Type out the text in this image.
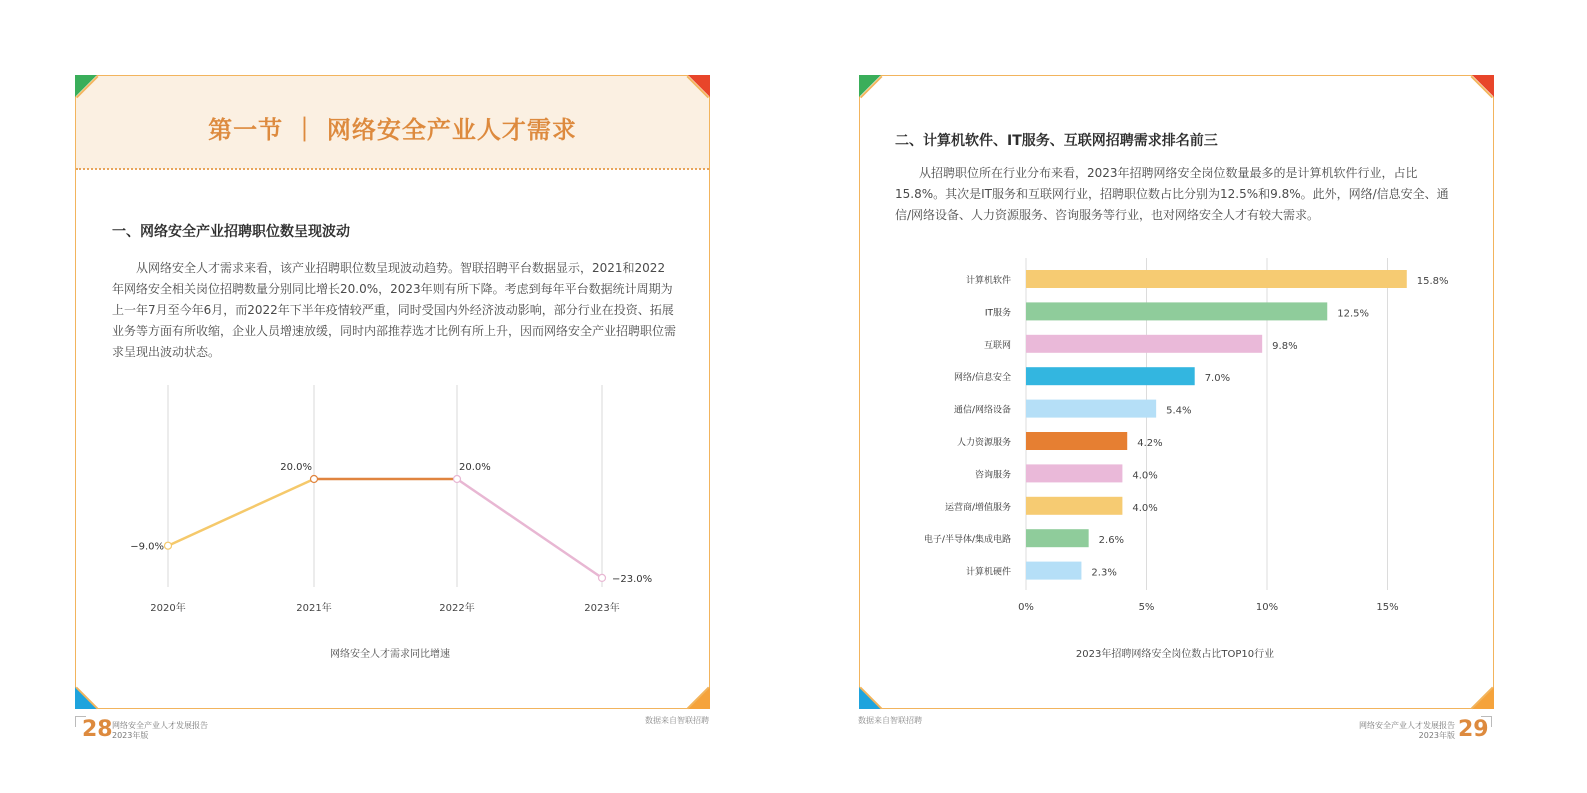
第一节 ｜ 网络安全产业人才需求
一、网络安全产业招聘职位数呈现波动

从网络安全人才需求来看，该产业招聘职位数呈现波动趋势。智联招聘平台数据显示，2021和2022年网络安全相关岗位招聘数量分别同比增长20.0%，2023年则有所下降。考虑到每年平台数据统计周期为上一年7月至今年6月，而2022年下半年疫情较严重，同时受国内外经济波动影响，部分行业在投资、拓展业务等方面有所收缩，企业人员增速放缓，同时内部推荐选才比例有所上升，因而网络安全产业招聘职位需求呈现出波动状态。

2020年	2021年	2022年	2023年
−9.0%
20.0%	20.0%
−23.0%
网络安全人才需求同比增速
数据来自智联招聘
28 网络安全产业人才发展报告
2023年版
二、计算机软件、IT服务、互联网招聘需求排名前三

从招聘职位所在行业分布来看，2023年招聘网络安全岗位数量最多的是计算机软件行业，占比15.8%。其次是IT服务和互联网行业，招聘职位数占比分别为12.5%和9.8%。此外，网络/信息安全、通信/网络设备、人力资源服务、咨询服务等行业，也对网络安全人才有较大需求。

0%	5%	10%	15%
计算机软件	15.8%
IT服务	12.5%
互联网	9.8%
网络/信息安全	7.0%
通信/网络设备	5.4%
人力资源服务	4.2%
咨询服务	4.0%
运营商/增值服务	4.0%
电子/半导体/集成电路	2.6%
计算机硬件	2.3%
2023年招聘网络安全岗位数占比TOP10行业
数据来自智联招聘
网络安全产业人才发展报告
2023年版 29
